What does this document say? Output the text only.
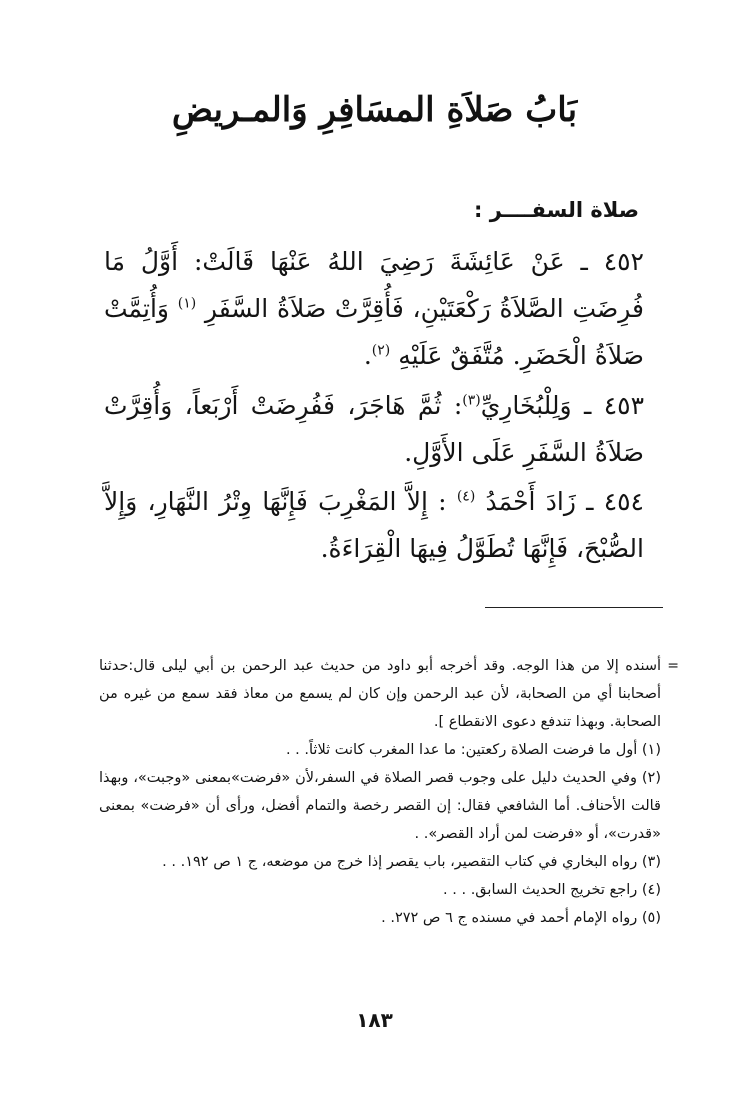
بَابُ صَلاَةِ المسَافِرِ وَالمـريضِ
صلاة السفــــر :

٤٥٢ ـ عَنْ عَائِشَةَ رَضِيَ اللهُ عَنْهَا قَالَتْ: أَوَّلُ مَا فُرِضَتِ الصَّلاَةُ رَكْعَتَيْنِ، فَأُقِرَّتْ صَلاَةُ السَّفَرِ $^{(١)}$ وَأُتِمَّتْ صَلاَةُ الْحَضَرِ. مُتَّفَقٌ عَلَيْهِ $^{(٢)}$.

٤٥٣ ـ وَلِلْبُخَارِيِّ$^{(٣)}$: ثُمَّ هَاجَرَ، فَفُرِضَتْ أَرْبَعاً، وَأُقِرَّتْ صَلاَةُ السَّفَرِ عَلَى الأَوَّلِ.

٤٥٤ ـ زَادَ أَحْمَدُ $^{(٤)}$ : إِلاَّ المَغْرِبَ فَإِنَّهَا وِتْرُ النَّهَارِ، وَإِلاَّ الصُّبْحَ، فَإِنَّهَا تُطَوَّلُ فِيهَا الْقِرَاءَةُ.

=

أسنده إلا من هذا الوجه. وقد أخرجه أبو داود من حديث عبد الرحمن بن أبي ليلى قال:حدثنا أصحابنا أي من الصحابة، لأن عبد الرحمن وإن كان لم يسمع من معاذ فقد سمع من غيره من الصحابة. وبهذا تندفع دعوى الانقطاع ].

(١) أول ما فرضت الصلاة ركعتين: ما عدا المغرب كانت ثلاثاً. . .

(٢) وفي الحديث دليل على وجوب قصر الصلاة في السفر،لأن «فرضت»بمعنى «وجبت»، وبهذا قالت الأحناف. أما الشافعي فقال: إن القصر رخصة والتمام أفضل، ورأى أن «فرضت» بمعنى «قدرت»، أو «فرضت لمن أراد القصر». .

(٣) رواه البخاري في كتاب التقصير، باب يقصر إذا خرج من موضعه، ج ١ ص ١٩٢. . .

(٤) راجع تخريج الحديث السابق. . . .

(٥) رواه الإمام أحمد في مسنده ج ٦ ص ٢٧٢. .

١٨٣
